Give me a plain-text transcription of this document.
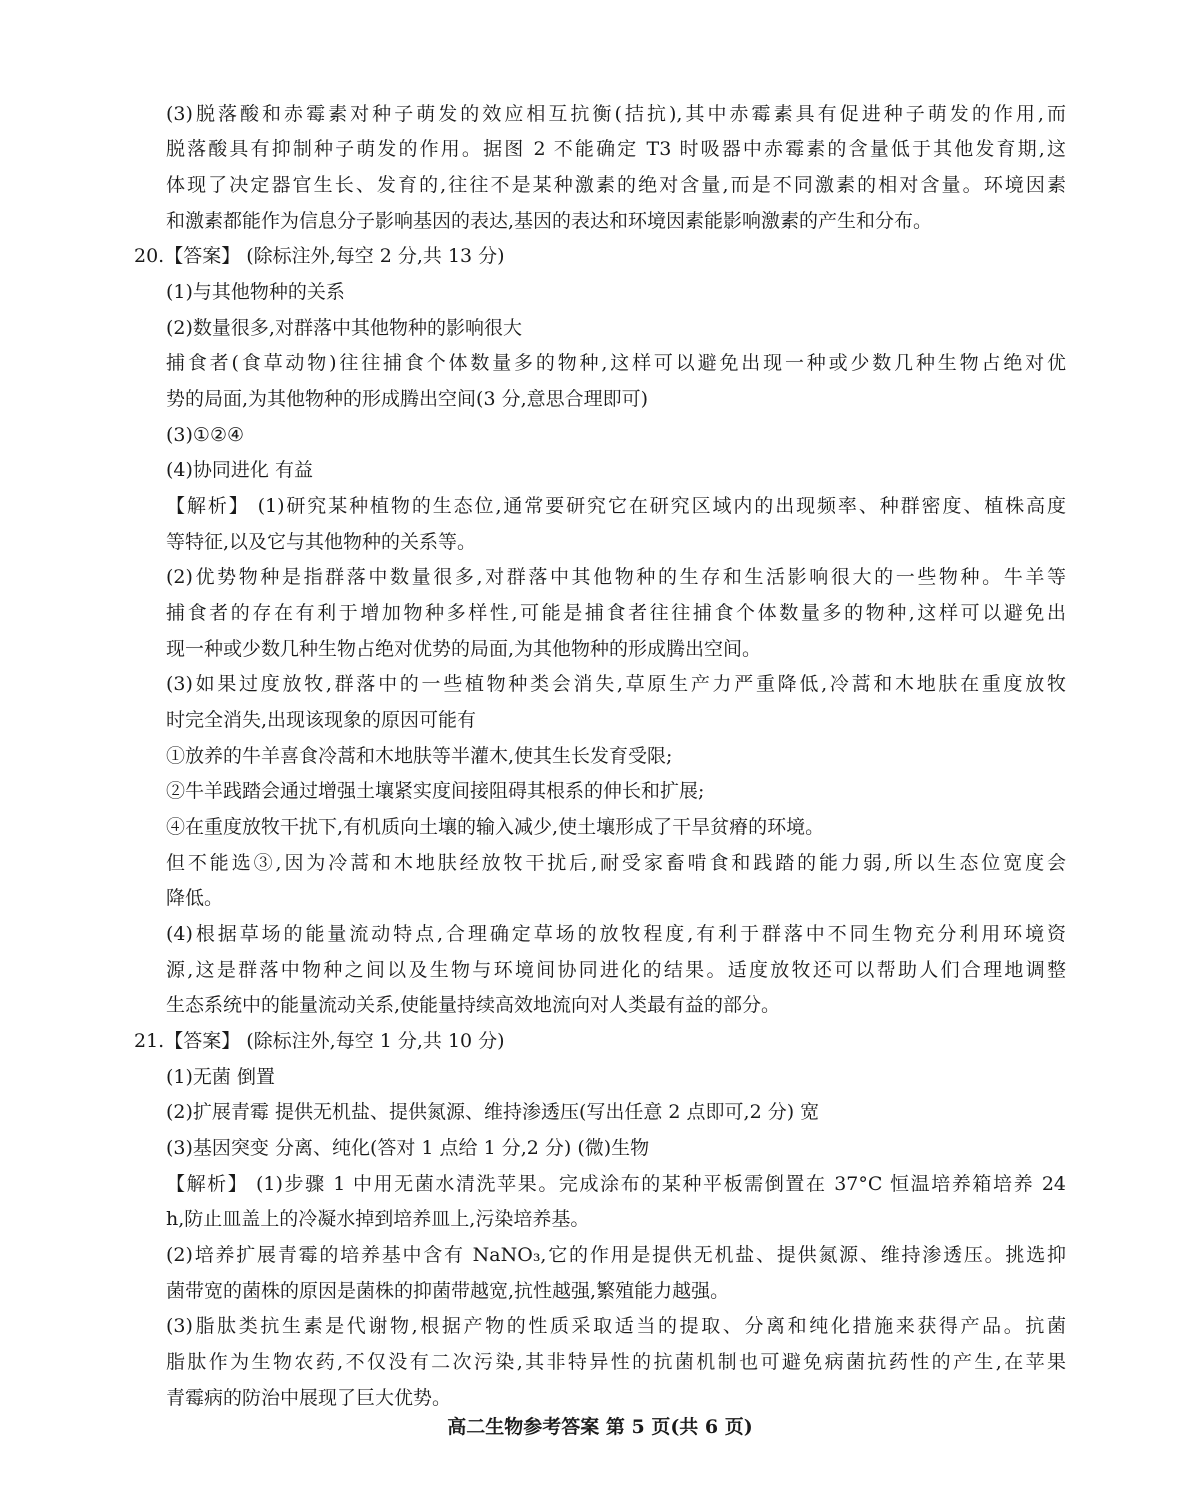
(3)脱落酸和赤霉素对种子萌发的效应相互抗衡(拮抗),其中赤霉素具有促进种子萌发的作用,而
脱落酸具有抑制种子萌发的作用。据图 2 不能确定 T3 时吸器中赤霉素的含量低于其他发育期,这
体现了决定器官生长、发育的,往往不是某种激素的绝对含量,而是不同激素的相对含量。环境因素
和激素都能作为信息分子影响基因的表达,基因的表达和环境因素能影响激素的产生和分布。
20.【答案】 (除标注外,每空 2 分,共 13 分)
(1)与其他物种的关系
(2)数量很多,对群落中其他物种的影响很大
捕食者(食草动物)往往捕食个体数量多的物种,这样可以避免出现一种或少数几种生物占绝对优
势的局面,为其他物种的形成腾出空间(3 分,意思合理即可)
(3)①②④
(4)协同进化 有益
【解析】 (1)研究某种植物的生态位,通常要研究它在研究区域内的出现频率、种群密度、植株高度
等特征,以及它与其他物种的关系等。
(2)优势物种是指群落中数量很多,对群落中其他物种的生存和生活影响很大的一些物种。牛羊等
捕食者的存在有利于增加物种多样性,可能是捕食者往往捕食个体数量多的物种,这样可以避免出
现一种或少数几种生物占绝对优势的局面,为其他物种的形成腾出空间。
(3)如果过度放牧,群落中的一些植物种类会消失,草原生产力严重降低,冷蒿和木地肤在重度放牧
时完全消失,出现该现象的原因可能有
①放养的牛羊喜食冷蒿和木地肤等半灌木,使其生长发育受限;
②牛羊践踏会通过增强土壤紧实度间接阻碍其根系的伸长和扩展;
④在重度放牧干扰下,有机质向土壤的输入减少,使土壤形成了干旱贫瘠的环境。
但不能选③,因为冷蒿和木地肤经放牧干扰后,耐受家畜啃食和践踏的能力弱,所以生态位宽度会
降低。
(4)根据草场的能量流动特点,合理确定草场的放牧程度,有利于群落中不同生物充分利用环境资
源,这是群落中物种之间以及生物与环境间协同进化的结果。适度放牧还可以帮助人们合理地调整
生态系统中的能量流动关系,使能量持续高效地流向对人类最有益的部分。
21.【答案】 (除标注外,每空 1 分,共 10 分)
(1)无菌 倒置
(2)扩展青霉 提供无机盐、提供氮源、维持渗透压(写出任意 2 点即可,2 分) 宽
(3)基因突变 分离、纯化(答对 1 点给 1 分,2 分) (微)生物
【解析】 (1)步骤 1 中用无菌水清洗苹果。完成涂布的某种平板需倒置在 37°C 恒温培养箱培养 24
h,防止皿盖上的冷凝水掉到培养皿上,污染培养基。
(2)培养扩展青霉的培养基中含有 NaNO₃,它的作用是提供无机盐、提供氮源、维持渗透压。挑选抑
菌带宽的菌株的原因是菌株的抑菌带越宽,抗性越强,繁殖能力越强。
(3)脂肽类抗生素是代谢物,根据产物的性质采取适当的提取、分离和纯化措施来获得产品。抗菌
脂肽作为生物农药,不仅没有二次污染,其非特异性的抗菌机制也可避免病菌抗药性的产生,在苹果
青霉病的防治中展现了巨大优势。
高二生物参考答案 第 5 页(共 6 页)
